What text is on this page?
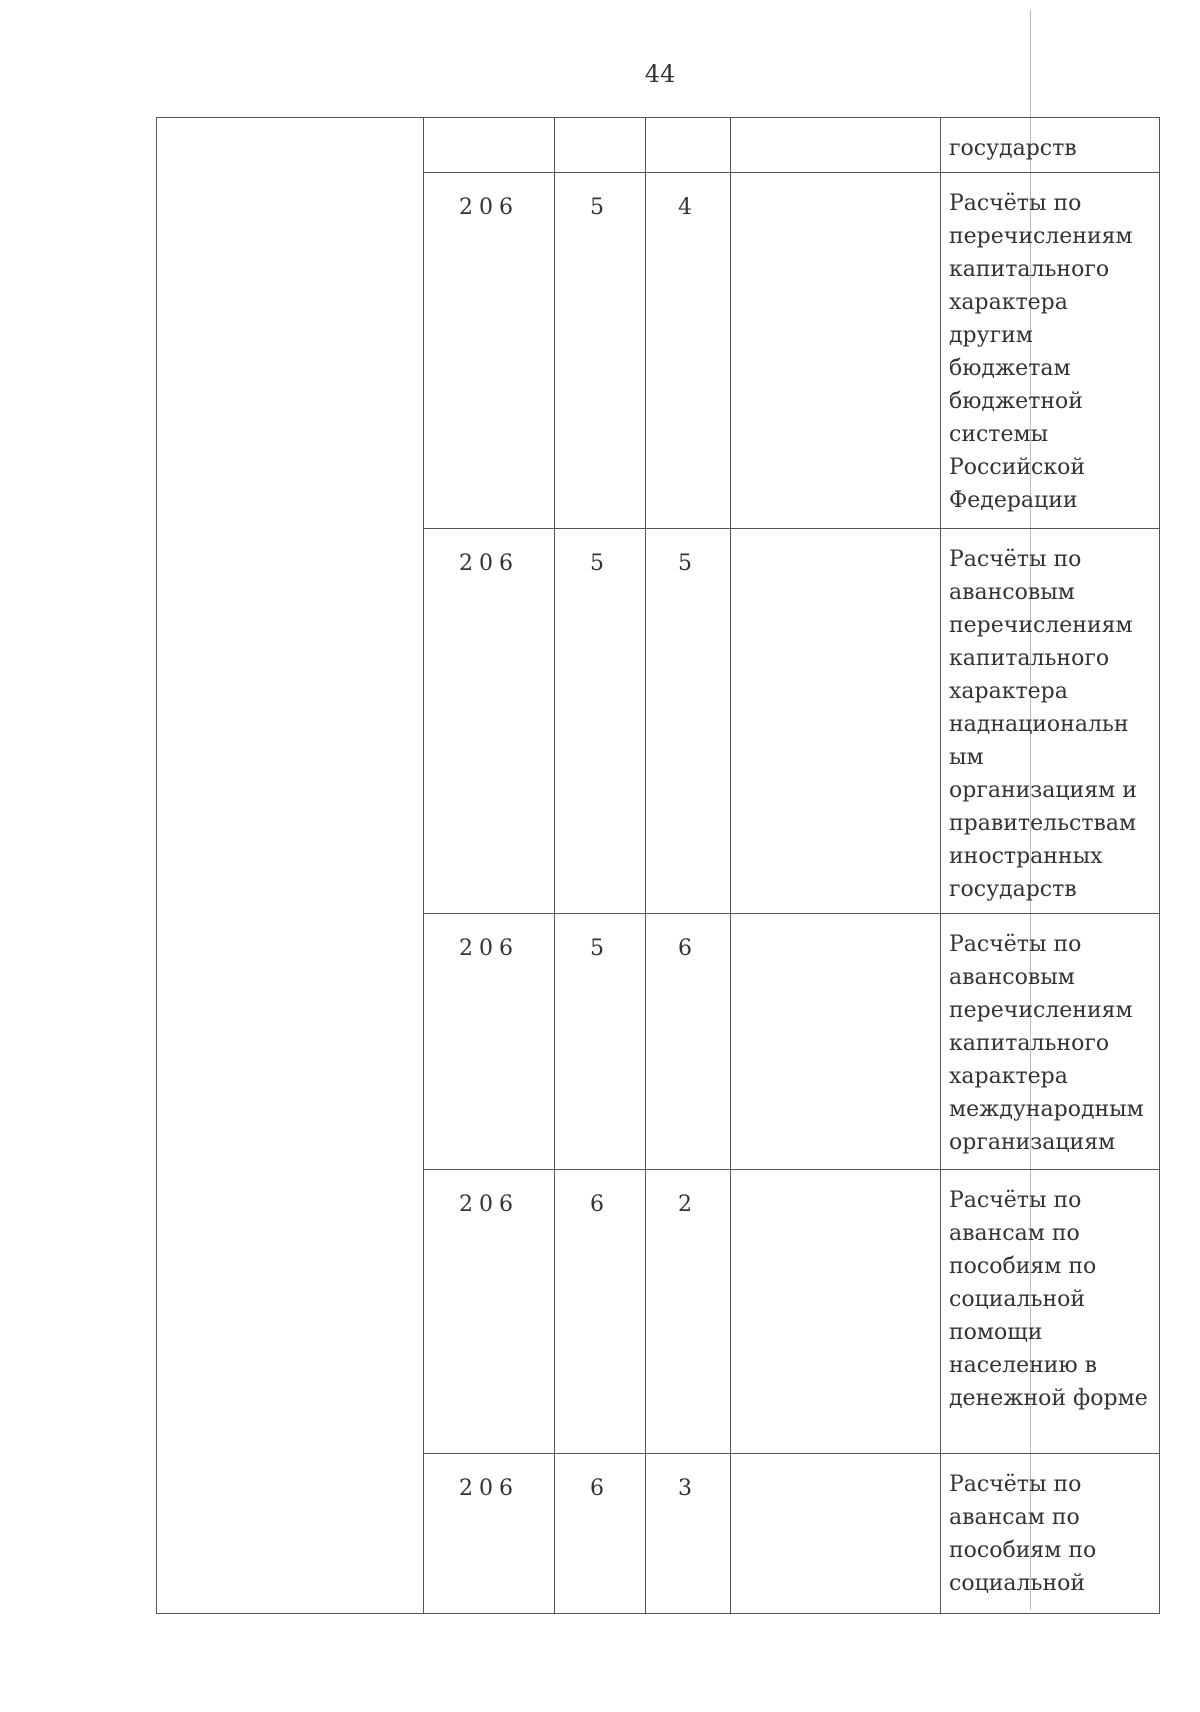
44
					государств
	206	5	4		Расчёты по перечислениям капитального характера другим бюджетам бюджетной системы Российской Федерации
	206	5	5		Расчёты по авансовым перечислениям капитального характера наднациональн ым организациям и правительствам иностранных государств
	206	5	6		Расчёты по авансовым перечислениям капитального характера международным организациям
	206	6	2		Расчёты по авансам по пособиям по социальной помощи населению в денежной форме
	206	6	3		Расчёты по авансам по пособиям по социальной
